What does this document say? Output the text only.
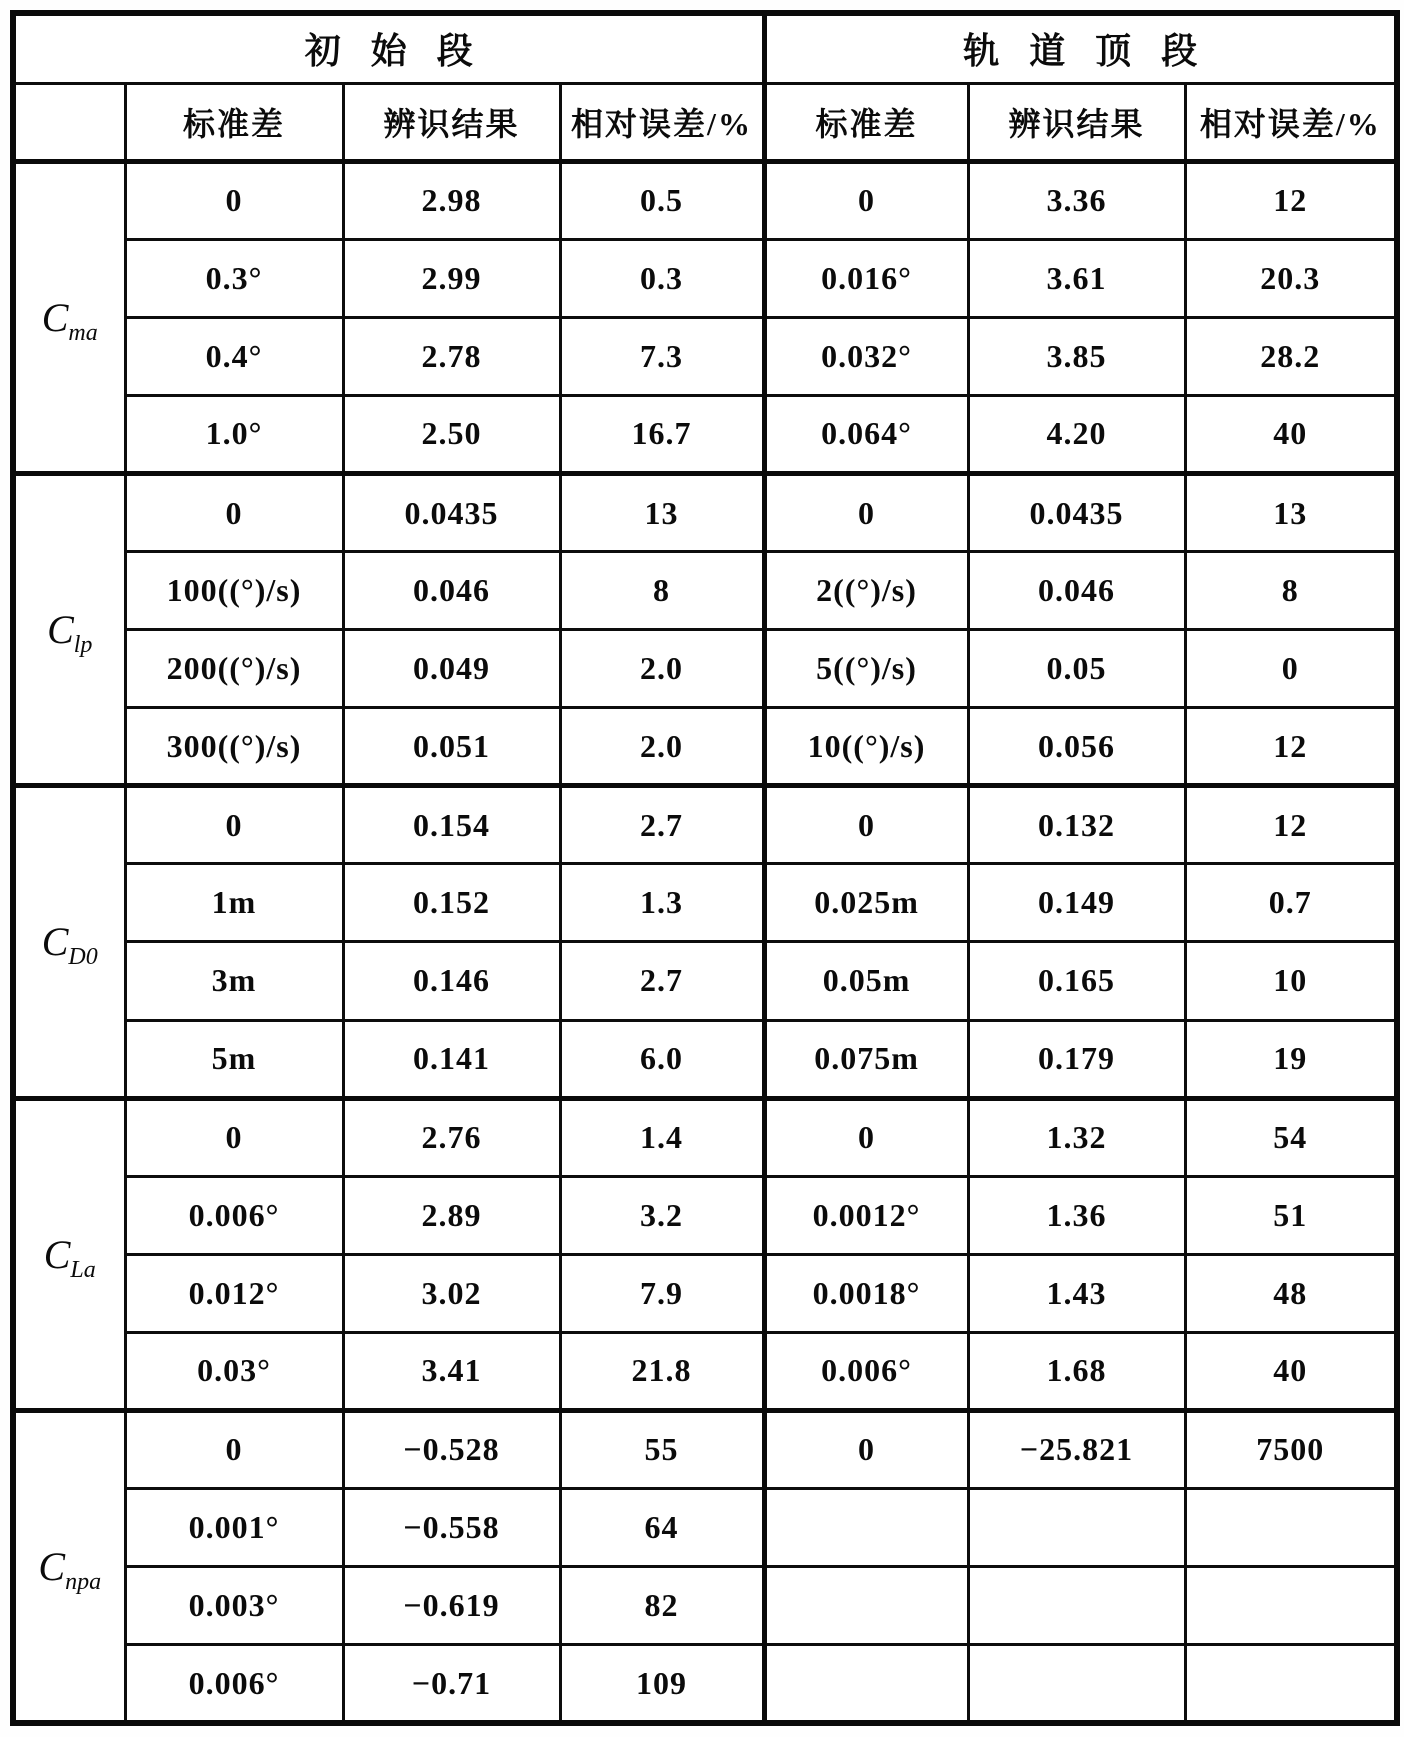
初始段				轨道顶段		
	标准差	辨识结果	相对误差/%	标准差	辨识结果	相对误差/%
$C_{ma}$	0	2.98	0.5	0	3.36	12
	0.3°	2.99	0.3	0.016°	3.61	20.3
	0.4°	2.78	7.3	0.032°	3.85	28.2
	1.0°	2.50	16.7	0.064°	4.20	40
$C_{lp}$	0	0.0435	13	0	0.0435	13
	100((°)/s)	0.046	8	2((°)/s)	0.046	8
	200((°)/s)	0.049	2.0	5((°)/s)	0.05	0
	300((°)/s)	0.051	2.0	10((°)/s)	0.056	12
$C_{D0}$	0	0.154	2.7	0	0.132	12
	1m	0.152	1.3	0.025m	0.149	0.7
	3m	0.146	2.7	0.05m	0.165	10
	5m	0.141	6.0	0.075m	0.179	19
$C_{La}$	0	2.76	1.4	0	1.32	54
	0.006°	2.89	3.2	0.0012°	1.36	51
	0.012°	3.02	7.9	0.0018°	1.43	48
	0.03°	3.41	21.8	0.006°	1.68	40
$C_{npa}$	0	−0.528	55	0	−25.821	7500
	0.001°	−0.558	64			
	0.003°	−0.619	82			
	0.006°	−0.71	109			
